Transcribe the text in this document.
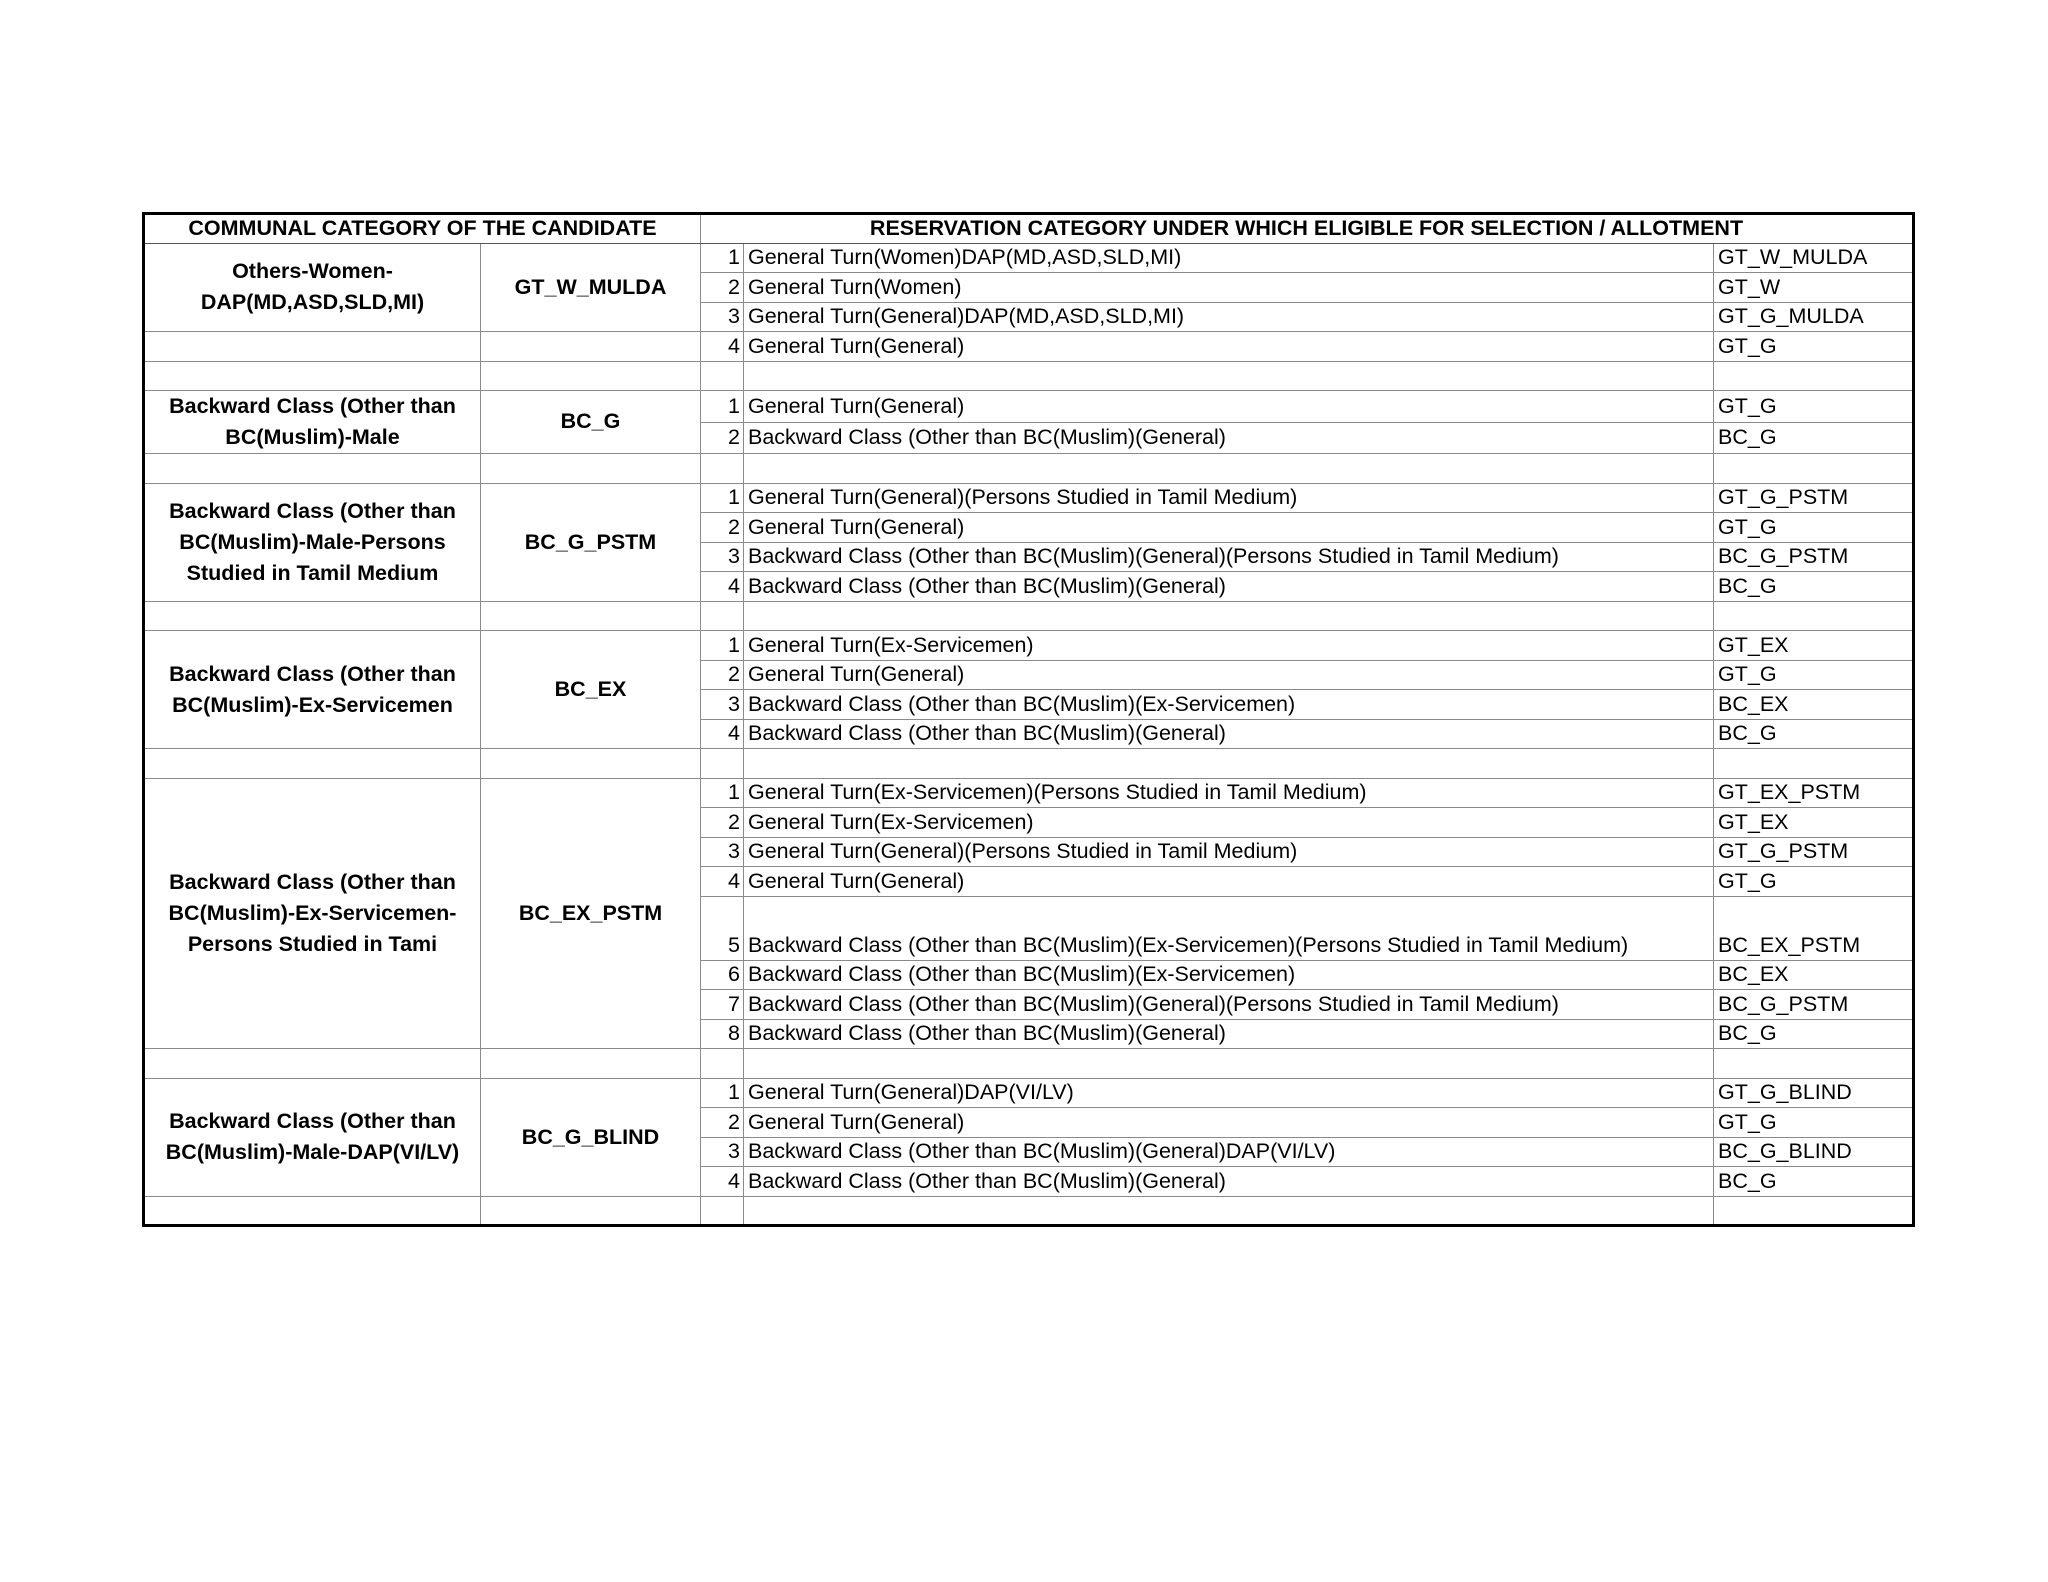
COMMUNAL CATEGORY OF THE CANDIDATE		RESERVATION CATEGORY UNDER WHICH ELIGIBLE FOR SELECTION / ALLOTMENT		
Others-Women-DAP(MD,ASD,SLD,MI)	GT_W_MULDA	1	General Turn(Women)DAP(MD,ASD,SLD,MI)	GT_W_MULDA
		2	General Turn(Women)	GT_W
		3	General Turn(General)DAP(MD,ASD,SLD,MI)	GT_G_MULDA
		4	General Turn(General)	GT_G

Backward Class (Other than BC(Muslim)-Male	BC_G	1	General Turn(General)	GT_G
		2	Backward Class (Other than BC(Muslim)(General)	BC_G

Backward Class (Other than BC(Muslim)-Male-Persons Studied in Tamil Medium	BC_G_PSTM	1	General Turn(General)(Persons Studied in Tamil Medium)	GT_G_PSTM
		2	General Turn(General)	GT_G
		3	Backward Class (Other than BC(Muslim)(General)(Persons Studied in Tamil Medium)	BC_G_PSTM
		4	Backward Class (Other than BC(Muslim)(General)	BC_G

Backward Class (Other than BC(Muslim)-Ex-Servicemen	BC_EX	1	General Turn(Ex-Servicemen)	GT_EX
		2	General Turn(General)	GT_G
		3	Backward Class (Other than BC(Muslim)(Ex-Servicemen)	BC_EX
		4	Backward Class (Other than BC(Muslim)(General)	BC_G

Backward Class (Other than BC(Muslim)-Ex-Servicemen-Persons Studied in Tami	BC_EX_PSTM	1	General Turn(Ex-Servicemen)(Persons Studied in Tamil Medium)	GT_EX_PSTM
		2	General Turn(Ex-Servicemen)	GT_EX
		3	General Turn(General)(Persons Studied in Tamil Medium)	GT_G_PSTM
		4	General Turn(General)	GT_G
		5	Backward Class (Other than BC(Muslim)(Ex-Servicemen)(Persons Studied in Tamil Medium)	BC_EX_PSTM
		6	Backward Class (Other than BC(Muslim)(Ex-Servicemen)	BC_EX
		7	Backward Class (Other than BC(Muslim)(General)(Persons Studied in Tamil Medium)	BC_G_PSTM
		8	Backward Class (Other than BC(Muslim)(General)	BC_G

Backward Class (Other than BC(Muslim)-Male-DAP(VI/LV)	BC_G_BLIND	1	General Turn(General)DAP(VI/LV)	GT_G_BLIND
		2	General Turn(General)	GT_G
		3	Backward Class (Other than BC(Muslim)(General)DAP(VI/LV)	BC_G_BLIND
		4	Backward Class (Other than BC(Muslim)(General)	BC_G
